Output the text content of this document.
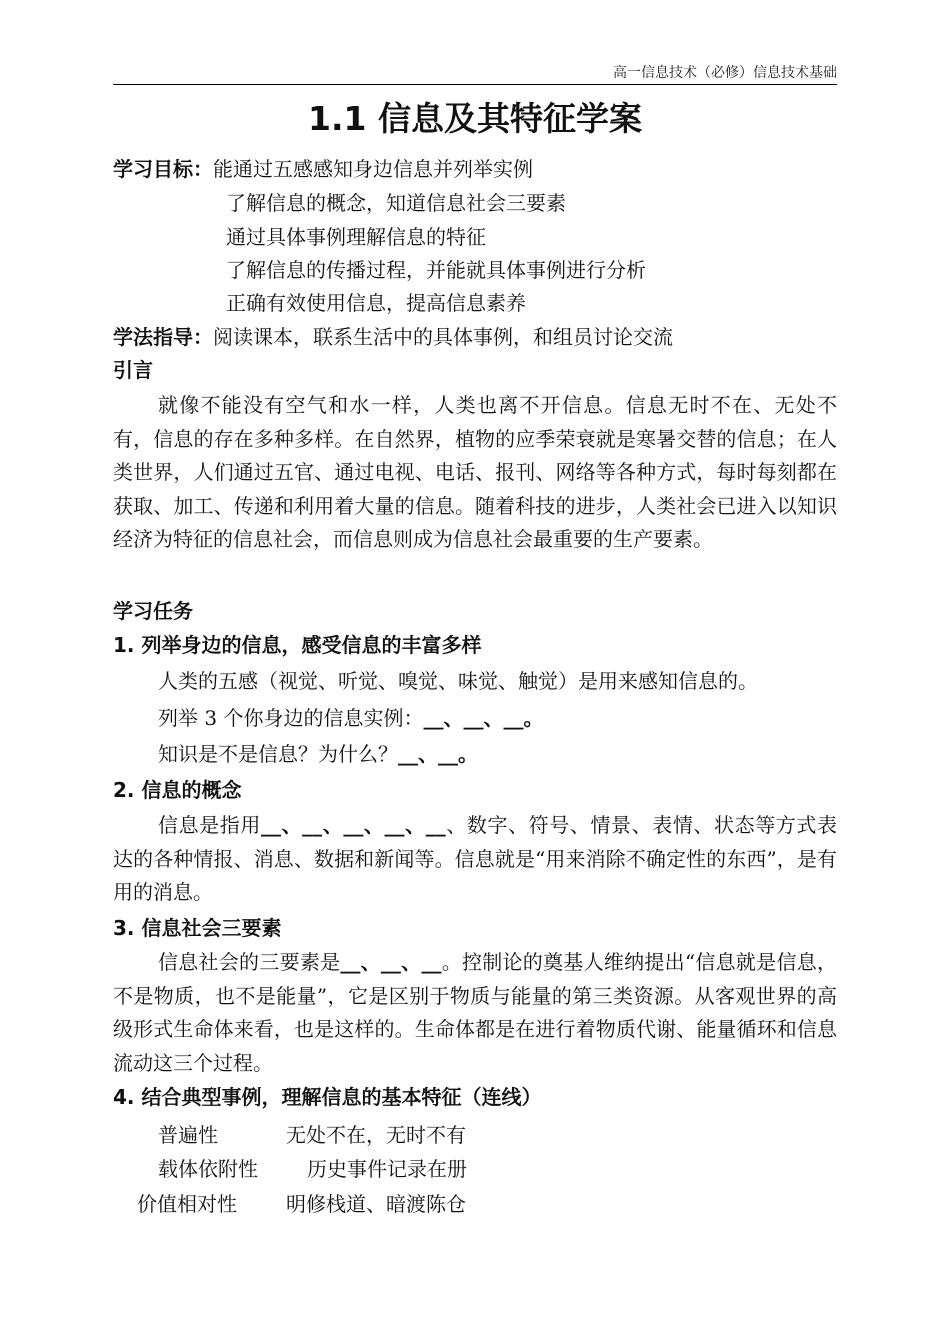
高一信息技术（必修）信息技术基础
1.1 信息及其特征学案
学习目标：能通过五感感知身边信息并列举实例
了解信息的概念，知道信息社会三要素
通过具体事例理解信息的特征
了解信息的传播过程，并能就具体事例进行分析
正确有效使用信息，提高信息素养
学法指导：阅读课本，联系生活中的具体事例，和组员讨论交流
引言
就像不能没有空气和水一样，人类也离不开信息。信息无时不在、无处不有，信息的存在多种多样。在自然界，植物的应季荣衰就是寒暑交替的信息；在人类世界，人们通过五官、通过电视、电话、报刊、网络等各种方式，每时每刻都在获取、加工、传递和利用着大量的信息。随着科技的进步，人类社会已进入以知识经济为特征的信息社会，而信息则成为信息社会最重要的生产要素。
学习任务
1. 列举身边的信息，感受信息的丰富多样
人类的五感（视觉、听觉、嗅觉、味觉、触觉）是用来感知信息的。
列举 3 个你身边的信息实例：__、__、__。
知识是不是信息？为什么？__、__。
2. 信息的概念
信息是指用__、__、__、__、__、数字、符号、情景、表情、状态等方式表达的各种情报、消息、数据和新闻等。信息就是“用来消除不确定性的东西”，是有用的消息。
3. 信息社会三要素
信息社会的三要素是__、__、__。控制论的奠基人维纳提出“信息就是信息，不是物质，也不是能量”，它是区别于物质与能量的第三类资源。从客观世界的高级形式生命体来看，也是这样的。生命体都是在进行着物质代谢、能量循环和信息流动这三个过程。
4. 结合典型事例，理解信息的基本特征（连线）
普遍性	无处不在，无时不有
载体依附性 历史事件记录在册
价值相对性 明修栈道、暗渡陈仓
